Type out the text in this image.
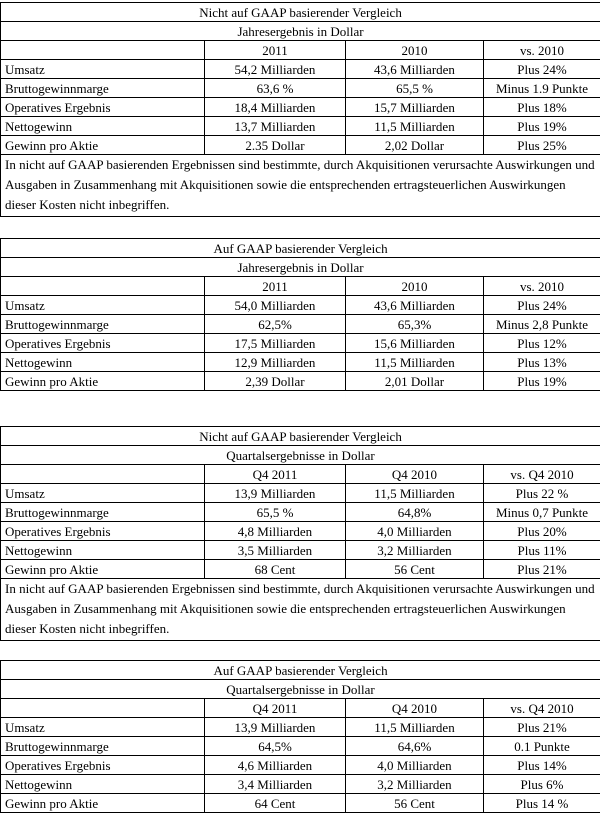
Nicht auf GAAP basierender Vergleich			
Jahresergebnis in Dollar			
	2011	2010	vs. 2010
Umsatz	54,2 Milliarden	43,6 Milliarden	Plus 24%
Bruttogewinnmarge	63,6 %	65,5 %	Minus 1.9 Punkte
Operatives Ergebnis	18,4 Milliarden	15,7 Milliarden	Plus 18%
Nettogewinn	13,7 Milliarden	11,5 Milliarden	Plus 19%
Gewinn pro Aktie	2.35 Dollar	2,02 Dollar	Plus 25%
In nicht auf GAAP basierenden Ergebnissen sind bestimmte, durch Akquisitionen verursachte Auswirkungen und Ausgaben in Zusammenhang mit Akquisitionen sowie die entsprechenden ertragsteuerlichen Auswirkungen dieser Kosten nicht inbegriffen.			
Auf GAAP basierender Vergleich			
Jahresergebnis in Dollar			
	2011	2010	vs. 2010
Umsatz	54,0 Milliarden	43,6 Milliarden	Plus 24%
Bruttogewinnmarge	62,5%	65,3%	Minus 2,8 Punkte
Operatives Ergebnis	17,5 Milliarden	15,6 Milliarden	Plus 12%
Nettogewinn	12,9 Milliarden	11,5 Milliarden	Plus 13%
Gewinn pro Aktie	2,39 Dollar	2,01 Dollar	Plus 19%
Nicht auf GAAP basierender Vergleich			
Quartalsergebnisse in Dollar			
	Q4 2011	Q4 2010	vs. Q4 2010
Umsatz	13,9 Milliarden	11,5 Milliarden	Plus 22 %
Bruttogewinnmarge	65,5 %	64,8%	Minus 0,7 Punkte
Operatives Ergebnis	4,8 Milliarden	4,0 Milliarden	Plus 20%
Nettogewinn	3,5 Milliarden	3,2 Milliarden	Plus 11%
Gewinn pro Aktie	68 Cent	56 Cent	Plus 21%
In nicht auf GAAP basierenden Ergebnissen sind bestimmte, durch Akquisitionen verursachte Auswirkungen und Ausgaben in Zusammenhang mit Akquisitionen sowie die entsprechenden ertragsteuerlichen Auswirkungen dieser Kosten nicht inbegriffen.			
Auf GAAP basierender Vergleich			
Quartalsergebnisse in Dollar			
	Q4 2011	Q4 2010	vs. Q4 2010
Umsatz	13,9 Milliarden	11,5 Milliarden	Plus 21%
Bruttogewinnmarge	64,5%	64,6%	0.1 Punkte
Operatives Ergebnis	4,6 Milliarden	4,0 Milliarden	Plus 14%
Nettogewinn	3,4 Milliarden	3,2 Milliarden	Plus 6%
Gewinn pro Aktie	64 Cent	56 Cent	Plus 14 %
